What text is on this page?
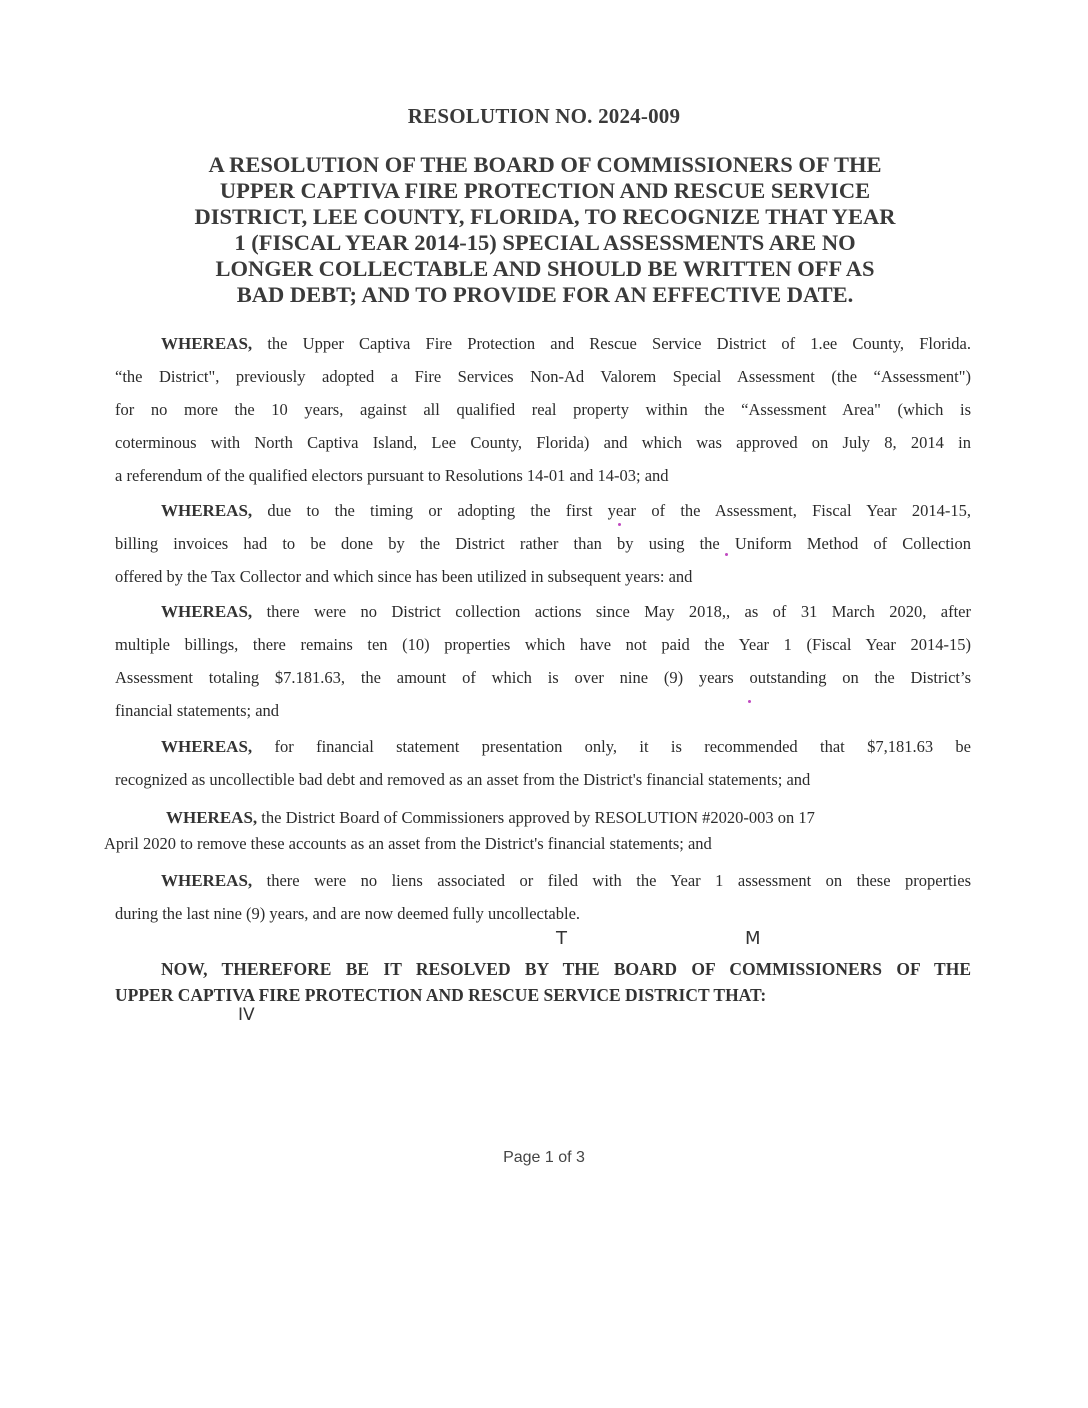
RESOLUTION NO. 2024-009
A RESOLUTION OF THE BOARD OF COMMISSIONERS OF THE
UPPER CAPTIVA FIRE PROTECTION AND RESCUE SERVICE
DISTRICT, LEE COUNTY, FLORIDA, TO RECOGNIZE THAT YEAR
1 (FISCAL YEAR 2014-15) SPECIAL ASSESSMENTS ARE NO
LONGER COLLECTABLE AND SHOULD BE WRITTEN OFF AS
BAD DEBT; AND TO PROVIDE FOR AN EFFECTIVE DATE.
WHEREAS, the Upper Captiva Fire Protection and Rescue Service District of 1.ee County, Florida.
“the District", previously adopted a Fire Services Non-Ad Valorem Special Assessment (the “Assessment")
for no more the 10 years, against all qualified real property within the “Assessment Area" (which is
coterminous with North Captiva Island, Lee County, Florida) and which was approved on July 8, 2014 in
a referendum of the qualified electors pursuant to Resolutions 14-01 and 14-03; and
WHEREAS, due to the timing or adopting the first year of the Assessment, Fiscal Year 2014-15,
billing invoices had to be done by the District rather than by using the Uniform Method of Collection
offered by the Tax Collector and which since has been utilized in subsequent years: and
WHEREAS, there were no District collection actions since May 2018,, as of 31 March 2020, after
multiple billings, there remains ten (10) properties which have not paid the Year 1 (Fiscal Year 2014-15)
Assessment totaling $7.181.63, the amount of which is over nine (9) years outstanding on the District’s
financial statements; and
WHEREAS, for financial statement presentation only, it is recommended that $7,181.63 be
recognized as uncollectible bad debt and removed as an asset from the District's financial statements; and
WHEREAS, the District Board of Commissioners approved by RESOLUTION #2020-003 on 17
April 2020 to remove these accounts as an asset from the District's financial statements; and
WHEREAS, there were no liens associated or filed with the Year 1 assessment on these properties
during the last nine (9) years, and are now deemed fully uncollectable.
NOW, THEREFORE BE IT RESOLVED BY THE BOARD OF COMMISSIONERS OF THE
UPPER CAPTIVA FIRE PROTECTION AND RESCUE SERVICE DISTRICT THAT:
T	M
IV
Page 1 of 3
